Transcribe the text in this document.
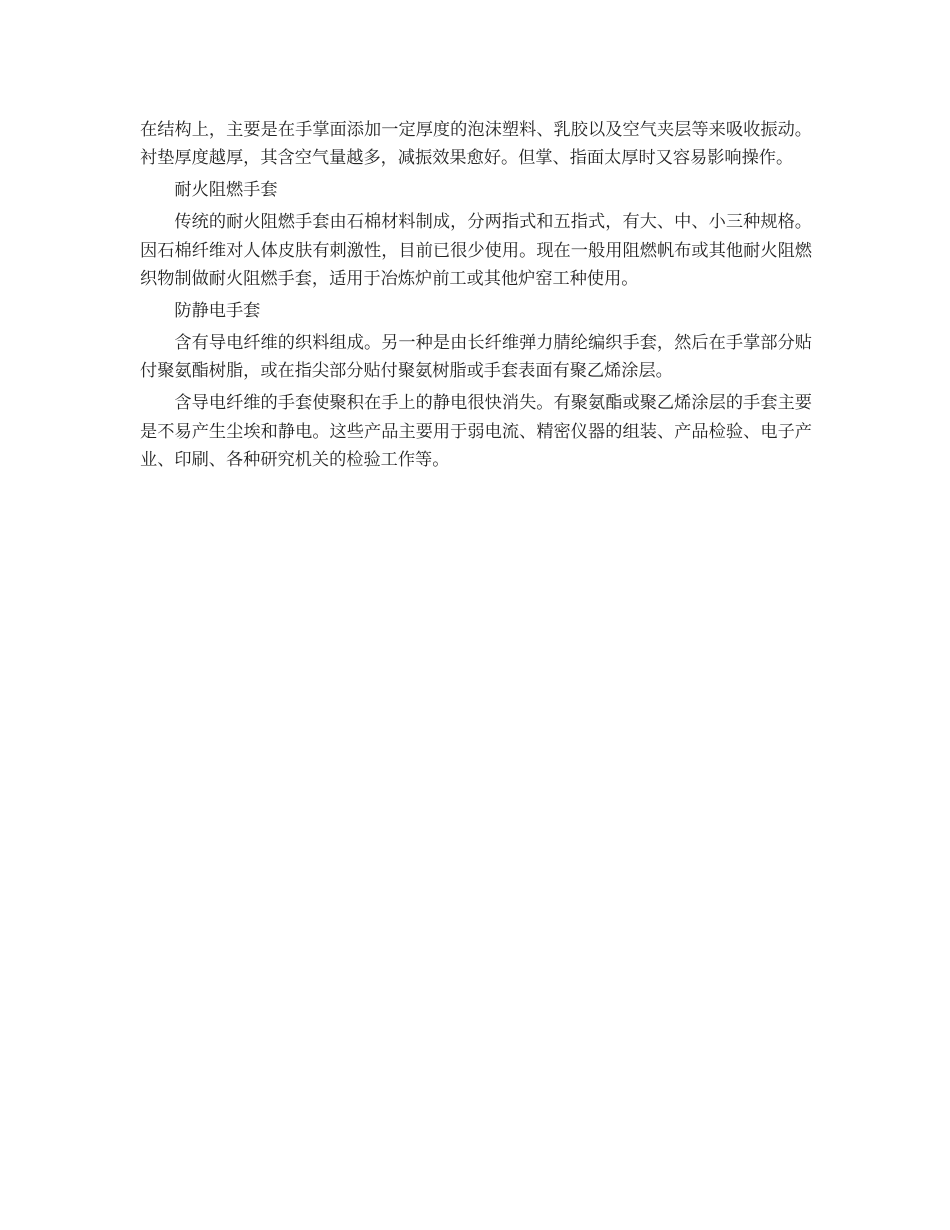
在结构上，主要是在手掌面添加一定厚度的泡沫塑料、乳胶以及空气夹层等来吸收振动。衬垫厚度越厚，其含空气量越多，减振效果愈好。但掌、指面太厚时又容易影响操作。

耐火阻燃手套

传统的耐火阻燃手套由石棉材料制成，分两指式和五指式，有大、中、小三种规格。因石棉纤维对人体皮肤有刺激性，目前已很少使用。现在一般用阻燃帆布或其他耐火阻燃织物制做耐火阻燃手套，适用于冶炼炉前工或其他炉窑工种使用。

防静电手套

含有导电纤维的织料组成。另一种是由长纤维弹力腈纶编织手套，然后在手掌部分贴付聚氨酯树脂，或在指尖部分贴付聚氨树脂或手套表面有聚乙烯涂层。

含导电纤维的手套使聚积在手上的静电很快消失。有聚氨酯或聚乙烯涂层的手套主要是不易产生尘埃和静电。这些产品主要用于弱电流、精密仪器的组装、产品检验、电子产业、印刷、各种研究机关的检验工作等。
